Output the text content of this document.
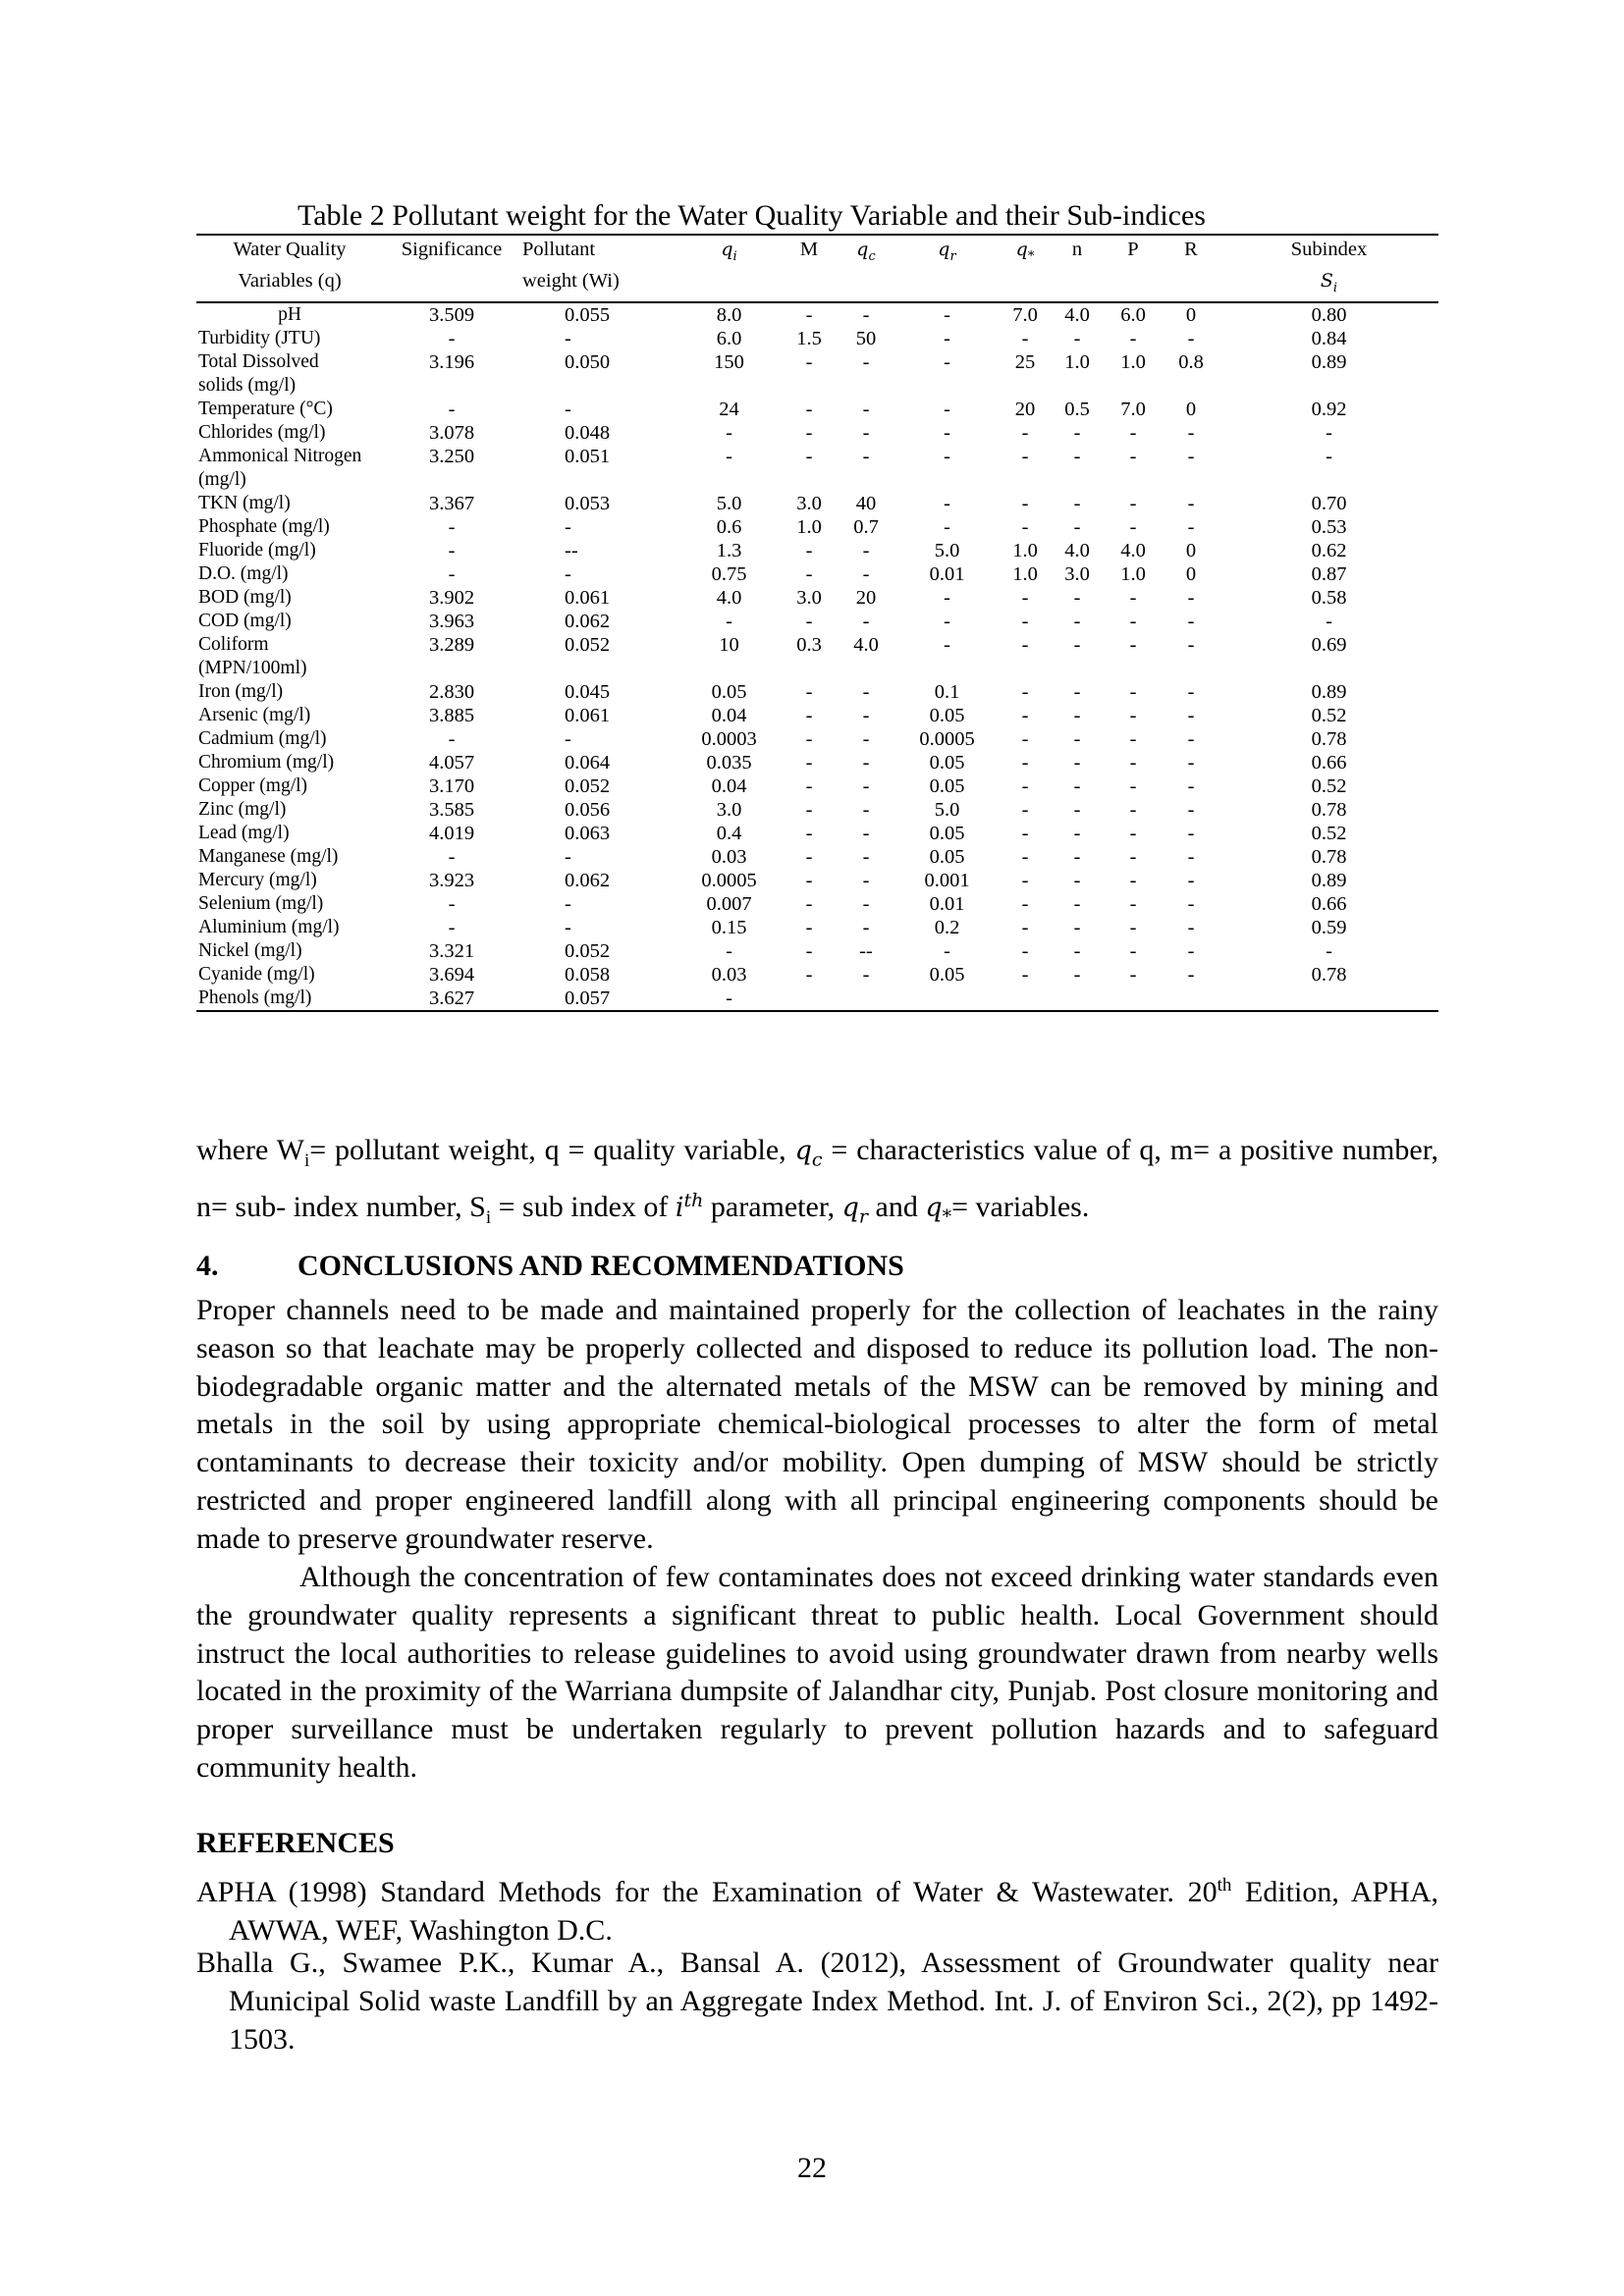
Table 2 Pollutant weight for the Water Quality Variable and their Sub-indices
Water Quality	Significance	Pollutant	$q_i$	M	$q_c$	$q_r$	$q_*$	n	P	R	Subindex
Variables (q)		weight (Wi)									$S_i$
pH	3.509	0.055	8.0	-	-	-	7.0	4.0	6.0	0	0.80
Turbidity (JTU)	-	-	6.0	1.5	50	-	-	-	-	-	0.84
Total Dissolved
solids (mg/l)	3.196	0.050	150	-	-	-	25	1.0	1.0	0.8	0.89
Temperature (°C)	-	-	24	-	-	-	20	0.5	7.0	0	0.92
Chlorides (mg/l)	3.078	0.048	-	-	-	-	-	-	-	-	-
Ammonical Nitrogen
(mg/l)	3.250	0.051	-	-	-	-	-	-	-	-	-
TKN (mg/l)	3.367	0.053	5.0	3.0	40	-	-	-	-	-	0.70
Phosphate (mg/l)	-	-	0.6	1.0	0.7	-	-	-	-	-	0.53
Fluoride (mg/l)	-	--	1.3	-	-	5.0	1.0	4.0	4.0	0	0.62
D.O. (mg/l)	-	-	0.75	-	-	0.01	1.0	3.0	1.0	0	0.87
BOD (mg/l)	3.902	0.061	4.0	3.0	20	-	-	-	-	-	0.58
COD (mg/l)	3.963	0.062	-	-	-	-	-	-	-	-	-
Coliform
(MPN/100ml)	3.289	0.052	10	0.3	4.0	-	-	-	-	-	0.69
Iron (mg/l)	2.830	0.045	0.05	-	-	0.1	-	-	-	-	0.89
Arsenic (mg/l)	3.885	0.061	0.04	-	-	0.05	-	-	-	-	0.52
Cadmium (mg/l)	-	-	0.0003	-	-	0.0005	-	-	-	-	0.78
Chromium (mg/l)	4.057	0.064	0.035	-	-	0.05	-	-	-	-	0.66
Copper (mg/l)	3.170	0.052	0.04	-	-	0.05	-	-	-	-	0.52
Zinc (mg/l)	3.585	0.056	3.0	-	-	5.0	-	-	-	-	0.78
Lead (mg/l)	4.019	0.063	0.4	-	-	0.05	-	-	-	-	0.52
Manganese (mg/l)	-	-	0.03	-	-	0.05	-	-	-	-	0.78
Mercury (mg/l)	3.923	0.062	0.0005	-	-	0.001	-	-	-	-	0.89
Selenium (mg/l)	-	-	0.007	-	-	0.01	-	-	-	-	0.66
Aluminium (mg/l)	-	-	0.15	-	-	0.2	-	-	-	-	0.59
Nickel (mg/l)	3.321	0.052	-	-	--	-	-	-	-	-	-
Cyanide (mg/l)	3.694	0.058	0.03	-	-	0.05	-	-	-	-	0.78
Phenols (mg/l)	3.627	0.057	-								
where $W_i=$ pollutant weight, q = quality variable, $q_c$ = characteristics value of q, m= a positive number, n= sub- index number, $S_i$ = sub index of $i^{th}$ parameter, $q_r$ and $q_*=$ variables.
4.	CONCLUSIONS AND RECOMMENDATIONS

Proper channels need to be made and maintained properly for the collection of leachates in the rainy season so that leachate may be properly collected and disposed to reduce its pollution load. The non-biodegradable organic matter and the alternated metals of the MSW can be removed by mining and metals in the soil by using appropriate chemical-biological processes to alter the form of metal contaminants to decrease their toxicity and/or mobility. Open dumping of MSW should be strictly restricted and proper engineered landfill along with all principal engineering components should be made to preserve groundwater reserve.

Although the concentration of few contaminates does not exceed drinking water standards even the groundwater quality represents a significant threat to public health. Local Government should instruct the local authorities to release guidelines to avoid using groundwater drawn from nearby wells located in the proximity of the Warriana dumpsite of Jalandhar city, Punjab. Post closure monitoring and proper surveillance must be undertaken regularly to prevent pollution hazards and to safeguard community health.

REFERENCES
APHA (1998) Standard Methods for the Examination of Water & Wastewater. 20th Edition, APHA, AWWA, WEF, Washington D.C.
Bhalla G., Swamee P.K., Kumar A., Bansal A. (2012), Assessment of Groundwater quality near Municipal Solid waste Landfill by an Aggregate Index Method. Int. J. of Environ Sci., 2(2), pp 1492-1503.
22
